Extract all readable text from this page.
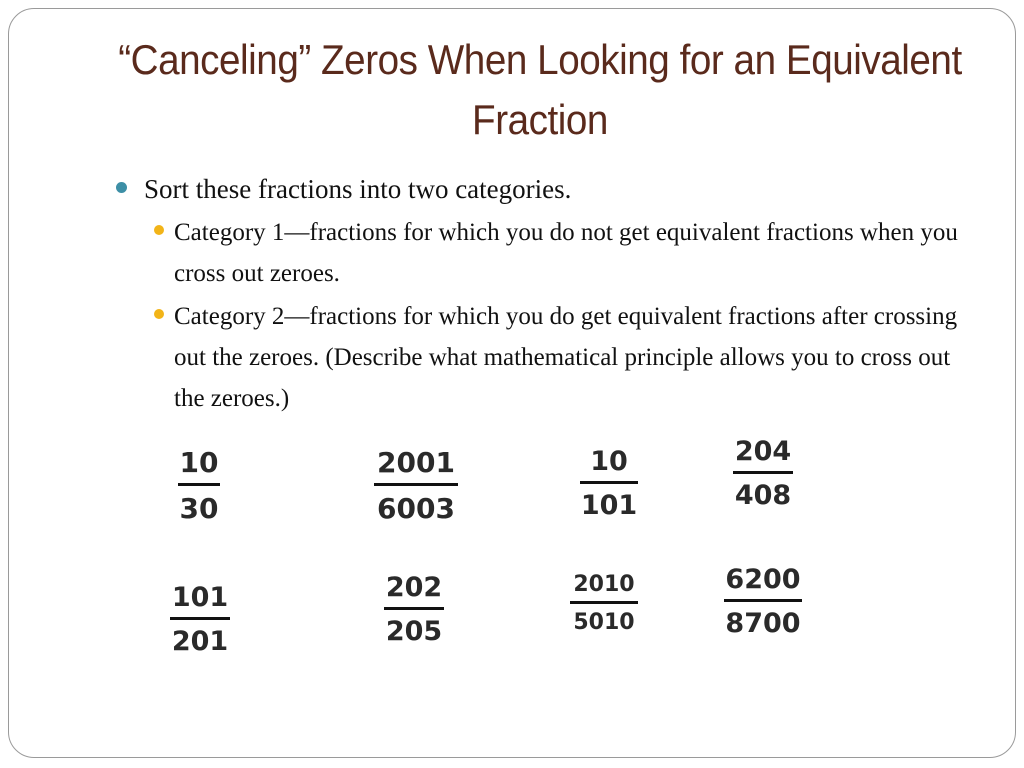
“Canceling” Zeros When Looking for an Equivalent Fraction
Sort these fractions into two categories.
Category 1—fractions for which you do not get equivalent fractions when you cross out zeroes.
Category 2—fractions for which you do get equivalent fractions after crossing out the zeroes. (Describe what mathematical principle allows you to cross out the zeroes.)
10
30
2001
6003
10
101
204
408
101
201
202
205
2010
5010
6200
8700
